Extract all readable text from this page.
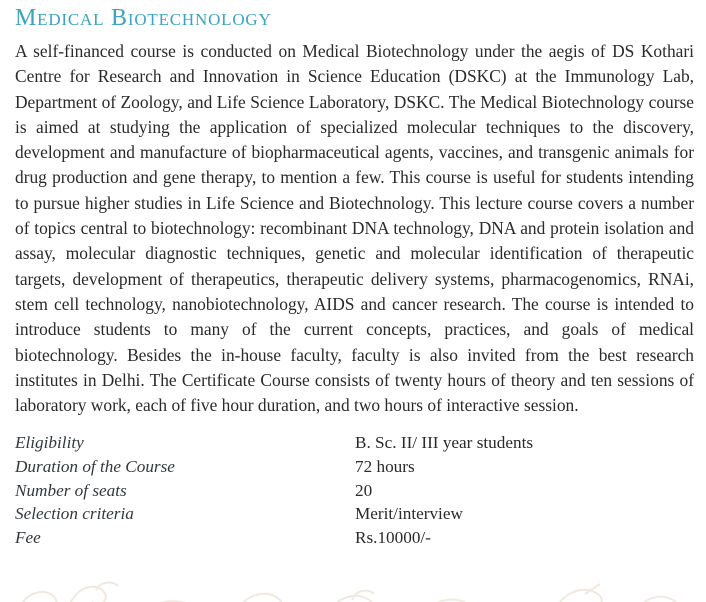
Medical Biotechnology

A self-financed course is conducted on Medical Biotechnology under the aegis of DS Kothari Centre for Research and Innovation in Science Education (DSKC) at the Immunology Lab, Department of Zoology, and Life Science Laboratory, DSKC. The Medical Biotechnology course is aimed at studying the application of specialized molecular techniques to the discovery, development and manufacture of biopharmaceutical agents, vaccines, and transgenic animals for drug production and gene therapy, to mention a few. This course is useful for students intending to pursue higher studies in Life Science and Biotechnology. This lecture course covers a number of topics central to biotechnology: recombinant DNA technology, DNA and protein isolation and assay, molecular diagnostic techniques, genetic and molecular identification of therapeutic targets, development of therapeutics, therapeutic delivery systems, pharmacogenomics, RNAi, stem cell technology, nanobiotechnology, AIDS and cancer research. The course is intended to introduce students to many of the current concepts, practices, and goals of medical biotechnology. Besides the in-house faculty, faculty is also invited from the best research institutes in Delhi. The Certificate Course consists of twenty hours of theory and ten sessions of laboratory work, each of five hour duration, and two hours of interactive session.

Eligibility	B. Sc. II/ III year students
Duration of the Course	72 hours
Number of seats	20
Selection criteria	Merit/interview
Fee	Rs.10000/-
